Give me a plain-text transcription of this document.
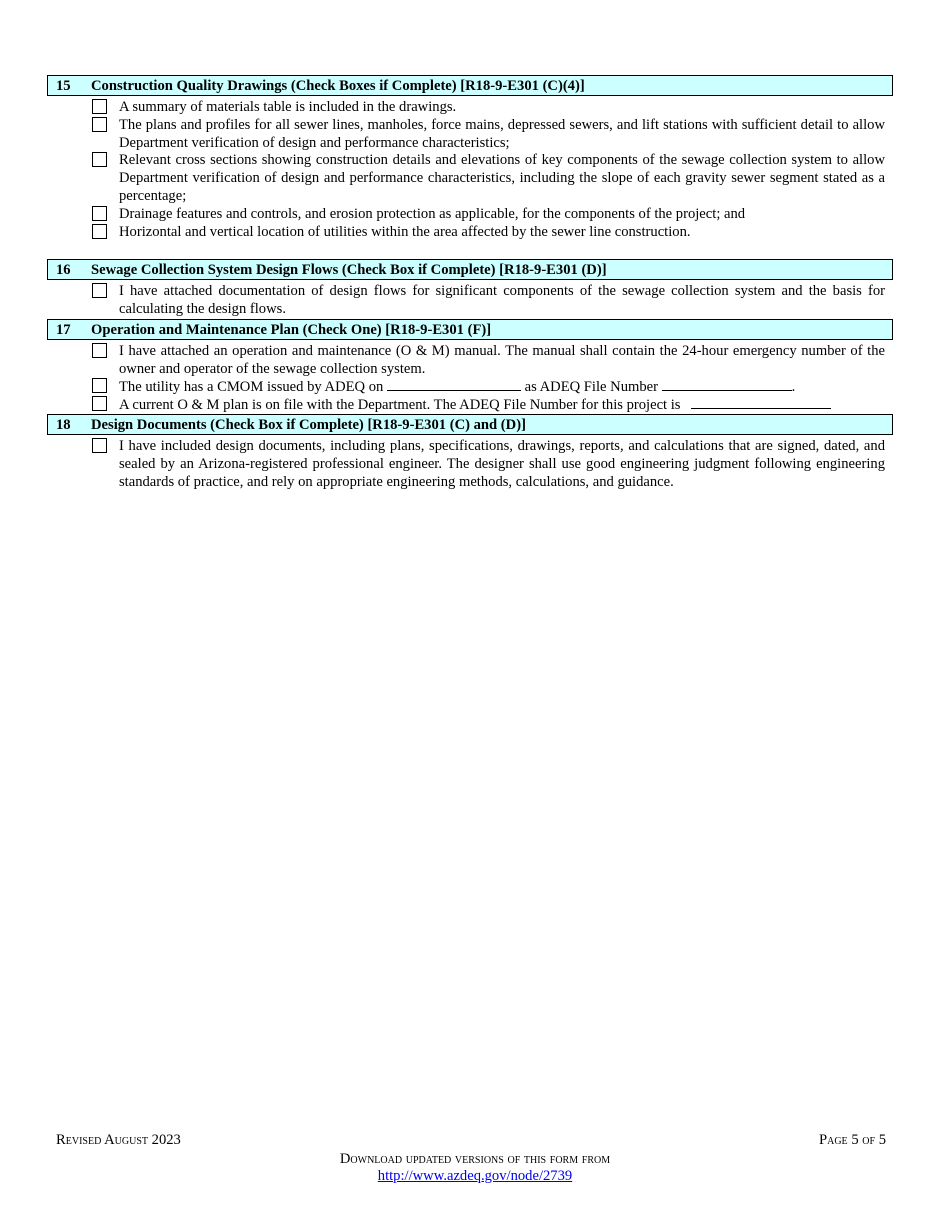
15 Construction Quality Drawings (Check Boxes if Complete) [R18-9-E301 (C)(4)]
A summary of materials table is included in the drawings.
The plans and profiles for all sewer lines, manholes, force mains, depressed sewers, and lift stations with sufficient detail to allow Department verification of design and performance characteristics;
Relevant cross sections showing construction details and elevations of key components of the sewage collection system to allow Department verification of design and performance characteristics, including the slope of each gravity sewer segment stated as a percentage;
Drainage features and controls, and erosion protection as applicable, for the components of the project; and
Horizontal and vertical location of utilities within the area affected by the sewer line construction.
16 Sewage Collection System Design Flows (Check Box if Complete) [R18-9-E301 (D)]
I have attached documentation of design flows for significant components of the sewage collection system and the basis for calculating the design flows.
17 Operation and Maintenance Plan (Check One) [R18-9-E301 (F)]
I have attached an operation and maintenance (O & M) manual. The manual shall contain the 24-hour emergency number of the owner and operator of the sewage collection system.
The utility has a CMOM issued by ADEQ on	as ADEQ File Number	.
A current O & M plan is on file with the Department. The ADEQ File Number for this project is
18 Design Documents (Check Box if Complete) [R18-9-E301 (C) and (D)]
I have included design documents, including plans, specifications, drawings, reports, and calculations that are signed, dated, and sealed by an Arizona-registered professional engineer. The designer shall use good engineering judgment following engineering standards of practice, and rely on appropriate engineering methods, calculations, and guidance.
Revised August 2023	Page 5 of 5
Download updated versions of this form from
http://www.azdeq.gov/node/2739
